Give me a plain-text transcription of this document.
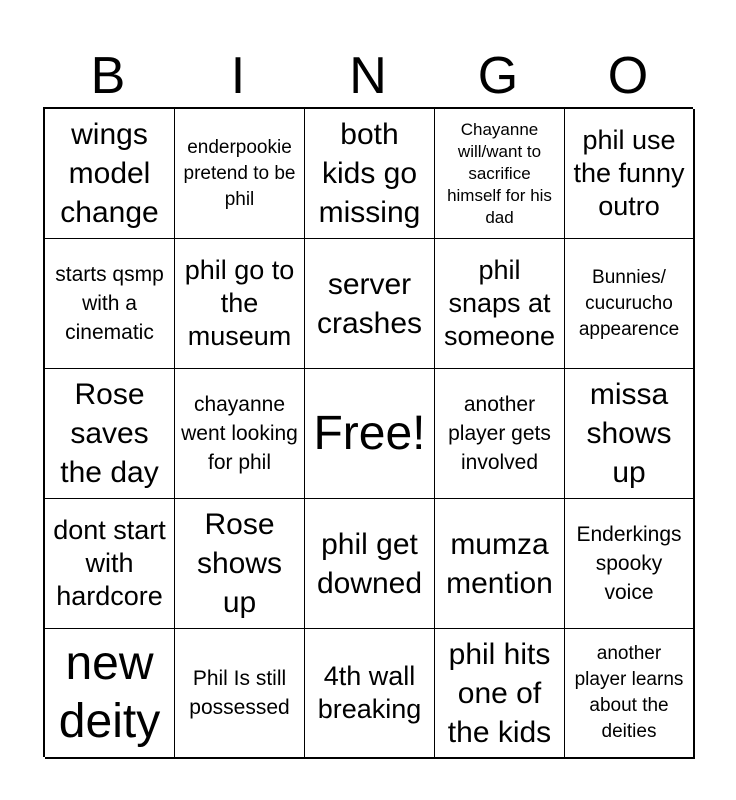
B	I	N	G	O
wings model change
enderpookie pretend to be phil
both kids go missing
Chayanne will/want to sacrifice himself for his dad
phil use the funny outro
starts qsmp with a cinematic
phil go to the museum
server crashes
phil snaps at someone
Bunnies/ cucurucho appearence
Rose saves the day
chayanne went looking for phil
Free!
another player gets involved
missa shows up
dont start with hardcore
Rose shows up
phil get downed
mumza mention
Enderkings spooky voice
new deity
Phil Is still possessed
4th wall breaking
phil hits one of the kids
another player learns about the deities
